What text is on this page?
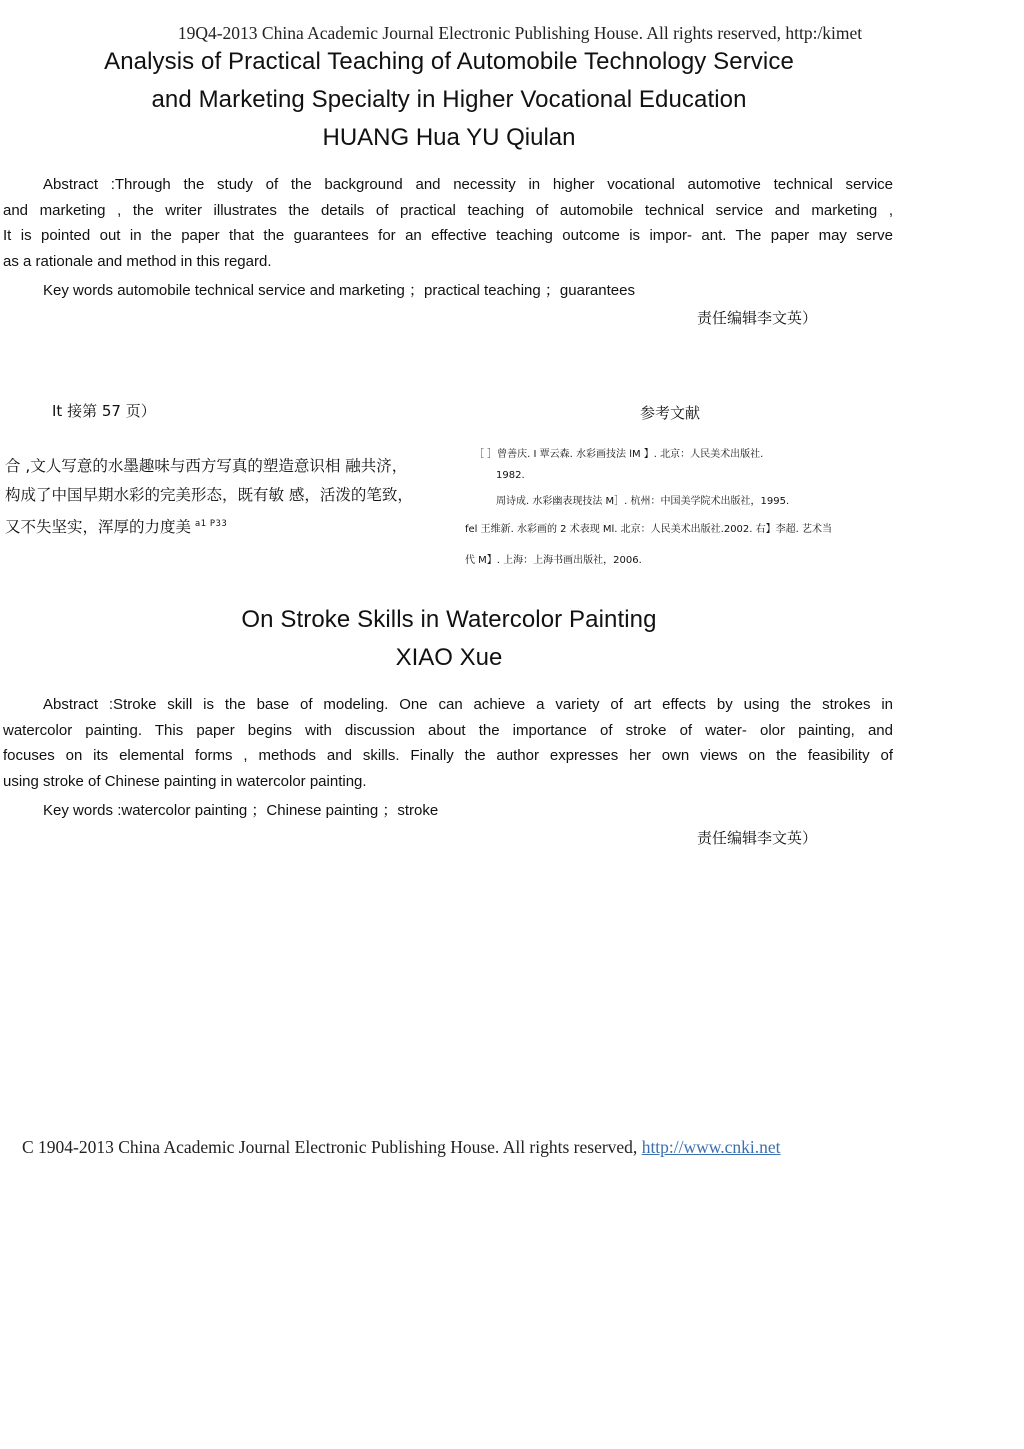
19Q4-2013 China Academic Journal Electronic Publishing House. All rights reserved, http:/kimet
Analysis of Practical Teaching of Automobile Technology Service
and Marketing Specialty in Higher Vocational Education
HUANG Hua YU Qiulan
Abstract :Through the study of the background and necessity in higher vocational automotive technical service
and marketing , the writer illustrates the details of practical teaching of automobile technical service and marketing ,
It is pointed out in the paper that the guarantees for an effective teaching outcome is impor- ant. The paper may serve
as a rationale and method in this regard.
Key words automobile technical service and marketing ；practical teaching ；guarantees
责任编辑李文英）
It 接第 57 页）
合 ,文人写意的水墨趣味与西方写真的塑造意识相 融共济，
构成了中国早期水彩的完美形态，既有敏 感，活泼的笔致，
又不失坚实，浑厚的力度美 $^{a1 P33}$
参考文献
［ ］曾善庆. I 覃云森. 水彩画技法 lM 】. 北京：人民美术出版社.
1982.
周诗成. 水彩幽表现技法 M］. 杭州：中国美学院术出版社，1995.
fel 王维新. 水彩画的 2 术表现 Ml. 北京：人民美术出版社.2002. 右】李超. 艺术当
代 M】. 上海：上海书画出版社，2006.
On Stroke Skills in Watercolor Painting
XIAO Xue
Abstract :Stroke skill is the base of modeling. One can achieve a variety of art effects by using the strokes in
watercolor painting. This paper begins with discussion about the importance of stroke of water- olor painting, and
focuses on its elemental forms , methods and skills. Finally the author expresses her own views on the feasibility of
using stroke of Chinese painting in watercolor painting.
Key words :watercolor painting ；Chinese painting ；stroke
责任编辑李文英）
C 1904-2013 China Academic Journal Electronic Publishing House. All rights reserved, http://www.cnki.net
